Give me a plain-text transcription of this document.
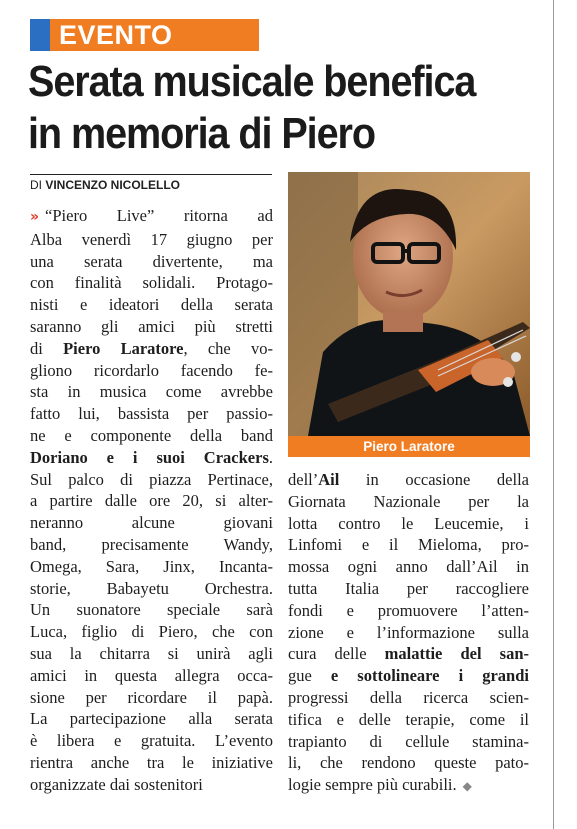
EVENTO
Serata musicale benefica
in memoria di Piero
DI VINCENZO NICOLELLO
» “Piero Live” ritorna ad
Alba venerdì 17 giugno per
una serata divertente, ma
con finalità solidali. Protago-
nisti e ideatori della serata
saranno gli amici più stretti
di Piero Laratore, che vo-
gliono ricordarlo facendo fe-
sta in musica come avrebbe
fatto lui, bassista per passio-
ne e componente della band
Doriano e i suoi Crackers.
Sul palco di piazza Pertinace,
a partire dalle ore 20, si alter-
neranno alcune giovani
band, precisamente Wandy,
Omega, Sara, Jinx, Incanta-
storie, Babayetu Orchestra.
Un suonatore speciale sarà
Luca, figlio di Piero, che con
sua la chitarra si unirà agli
amici in questa allegra occa-
sione per ricordare il papà.
La partecipazione alla serata
è libera e gratuita. L’evento
rientra anche tra le iniziative
organizzate dai sostenitori
dell’Ail in occasione della
Giornata Nazionale per la
lotta contro le Leucemie, i
Linfomi e il Mieloma, pro-
mossa ogni anno dall’Ail in
tutta Italia per raccogliere
fondi e promuovere l’atten-
zione e l’informazione sulla
cura delle malattie del san-
gue e sottolineare i grandi
progressi della ricerca scien-
tifica e delle terapie, come il
trapianto di cellule stamina-
li, che rendono queste pato-
logie sempre più curabili. ◆
Piero Laratore
